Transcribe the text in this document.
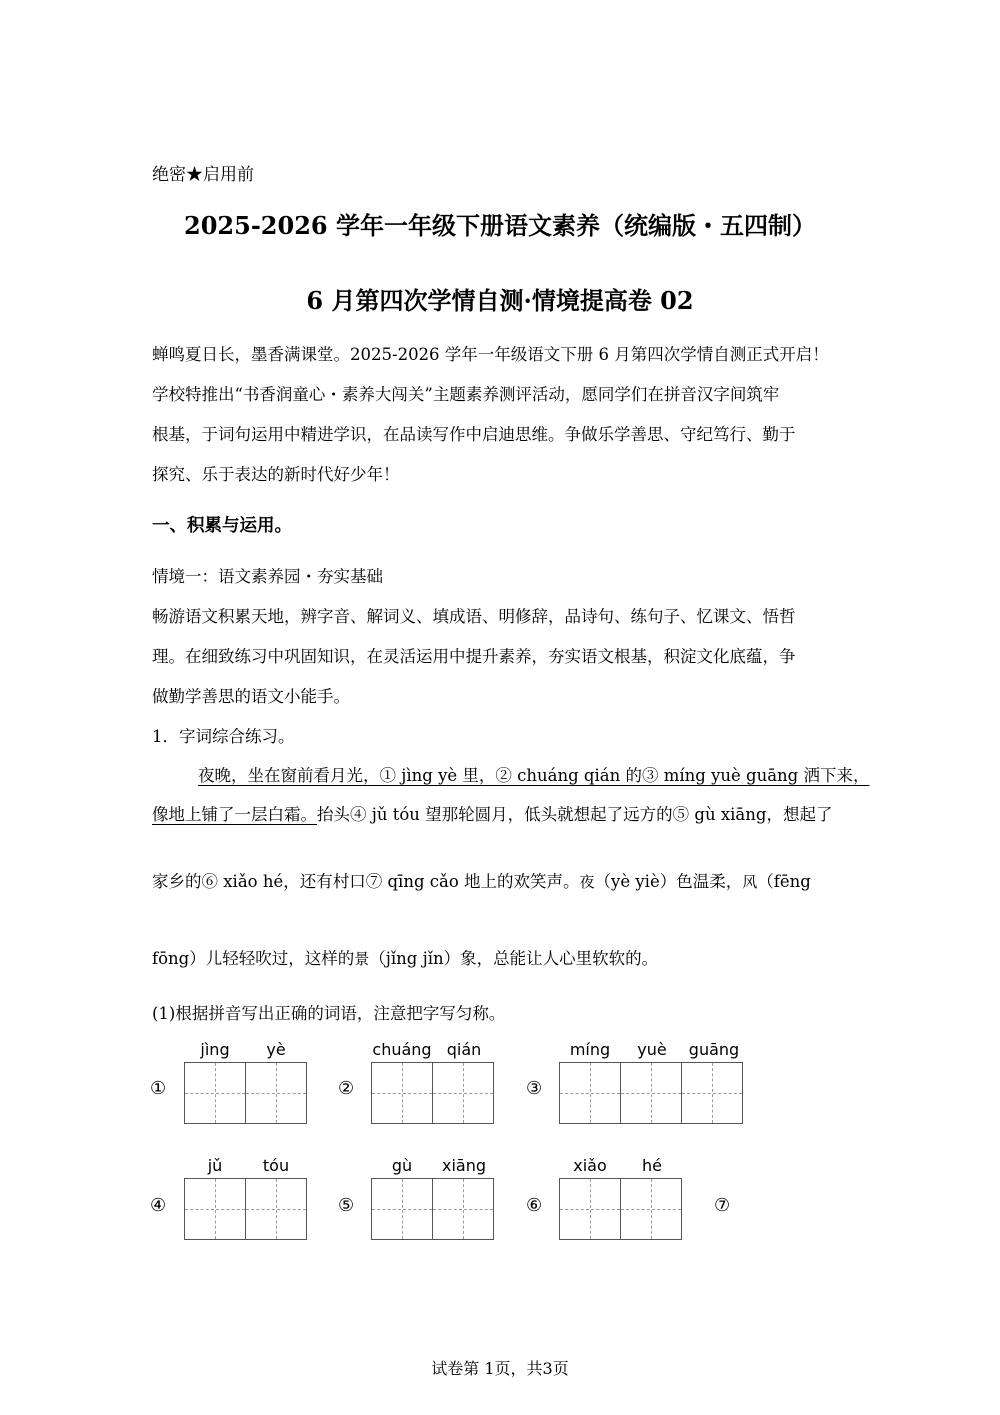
绝密★启用前
2025-2026 学年一年级下册语文素养（统编版・五四制）
6 月第四次学情自测·情境提高卷 02
蝉鸣夏日长，墨香满课堂。2025-2026 学年一年级语文下册 6 月第四次学情自测正式开启！
学校特推出“书香润童心・素养大闯关”主题素养测评活动，愿同学们在拼音汉字间筑牢
根基，于词句运用中精进学识，在品读写作中启迪思维。争做乐学善思、守纪笃行、勤于
探究、乐于表达的新时代好少年！
一、积累与运用。
情境一：语文素养园・夯实基础
畅游语文积累天地，辨字音、解词义、填成语、明修辞，品诗句、练句子、忆课文、悟哲
理。在细致练习中巩固知识，在灵活运用中提升素养，夯实语文根基，积淀文化底蕴，争
做勤学善思的语文小能手。
1．字词综合练习。
夜晚，坐在窗前看月光，① jìng yè 里，② chuáng qián 的③ míng yuè guāng 洒下来，
像地上铺了一层白霜。抬头④ jǔ tóu 望那轮圆月，低头就想起了远方的⑤ gù xiāng，想起了
家乡的⑥ xiǎo hé，还有村口⑦ qīng cǎo 地上的欢笑声。夜（yè yiè）色温柔，风（fēng
fōng）儿轻轻吹过，这样的景（jǐng jǐn）象，总能让人心里软软的。
(1)根据拼音写出正确的词语，注意把字写匀称。
①
jìng	yè
②
chuáng qián
③
míng	yuè	guāng
④
jǔ	tóu
⑤
gù	xiāng
⑥
xiǎo	hé
⑦
试卷第 1页，共3页
